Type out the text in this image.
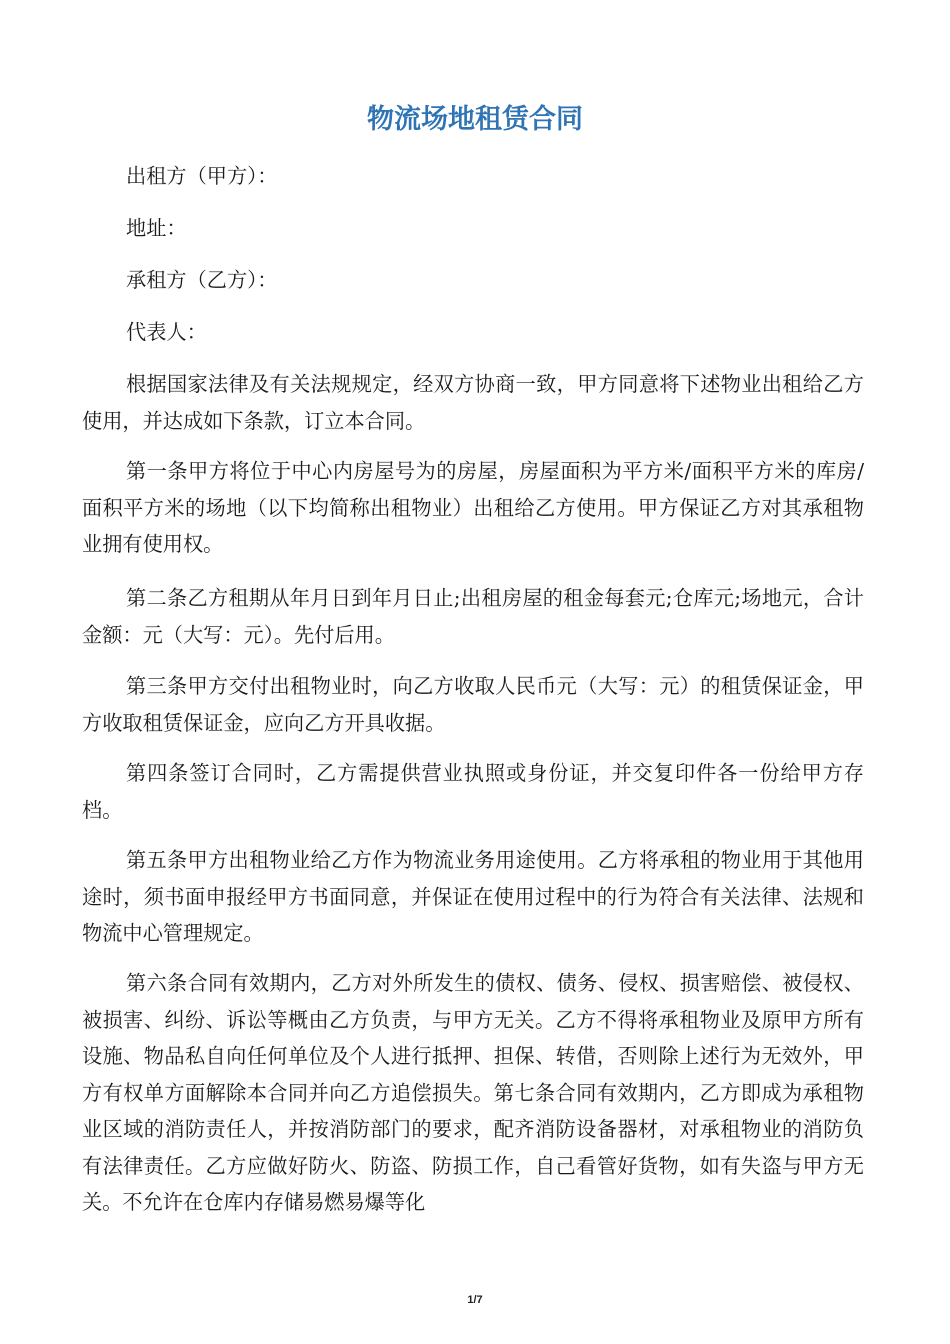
物流场地租赁合同

出租方（甲方）：

地址：

承租方（乙方）：

代表人：

根据国家法律及有关法规规定，经双方协商一致，甲方同意将下述物业出租给乙方使用，并达成如下条款，订立本合同。

第一条甲方将位于中心内房屋号为的房屋，房屋面积为平方米/面积平方米的库房/面积平方米的场地（以下均简称出租物业）出租给乙方使用。甲方保证乙方对其承租物业拥有使用权。

第二条乙方租期从年月日到年月日止;出租房屋的租金每套元;仓库元;场地元，合计金额：元（大写：元）。先付后用。

第三条甲方交付出租物业时，向乙方收取人民币元（大写：元）的租赁保证金，甲方收取租赁保证金，应向乙方开具收据。

第四条签订合同时，乙方需提供营业执照或身份证，并交复印件各一份给甲方存档。

第五条甲方出租物业给乙方作为物流业务用途使用。乙方将承租的物业用于其他用途时，须书面申报经甲方书面同意，并保证在使用过程中的行为符合有关法律、法规和物流中心管理规定。

第六条合同有效期内，乙方对外所发生的债权、债务、侵权、损害赔偿、被侵权、被损害、纠纷、诉讼等概由乙方负责，与甲方无关。乙方不得将承租物业及原甲方所有设施、物品私自向任何单位及个人进行抵押、担保、转借，否则除上述行为无效外，甲方有权单方面解除本合同并向乙方追偿损失。第七条合同有效期内，乙方即成为承租物业区域的消防责任人，并按消防部门的要求，配齐消防设备器材，对承租物业的消防负有法律责任。乙方应做好防火、防盗、防损工作，自己看管好货物，如有失盗与甲方无关。不允许在仓库内存储易燃易爆等化

1/7
